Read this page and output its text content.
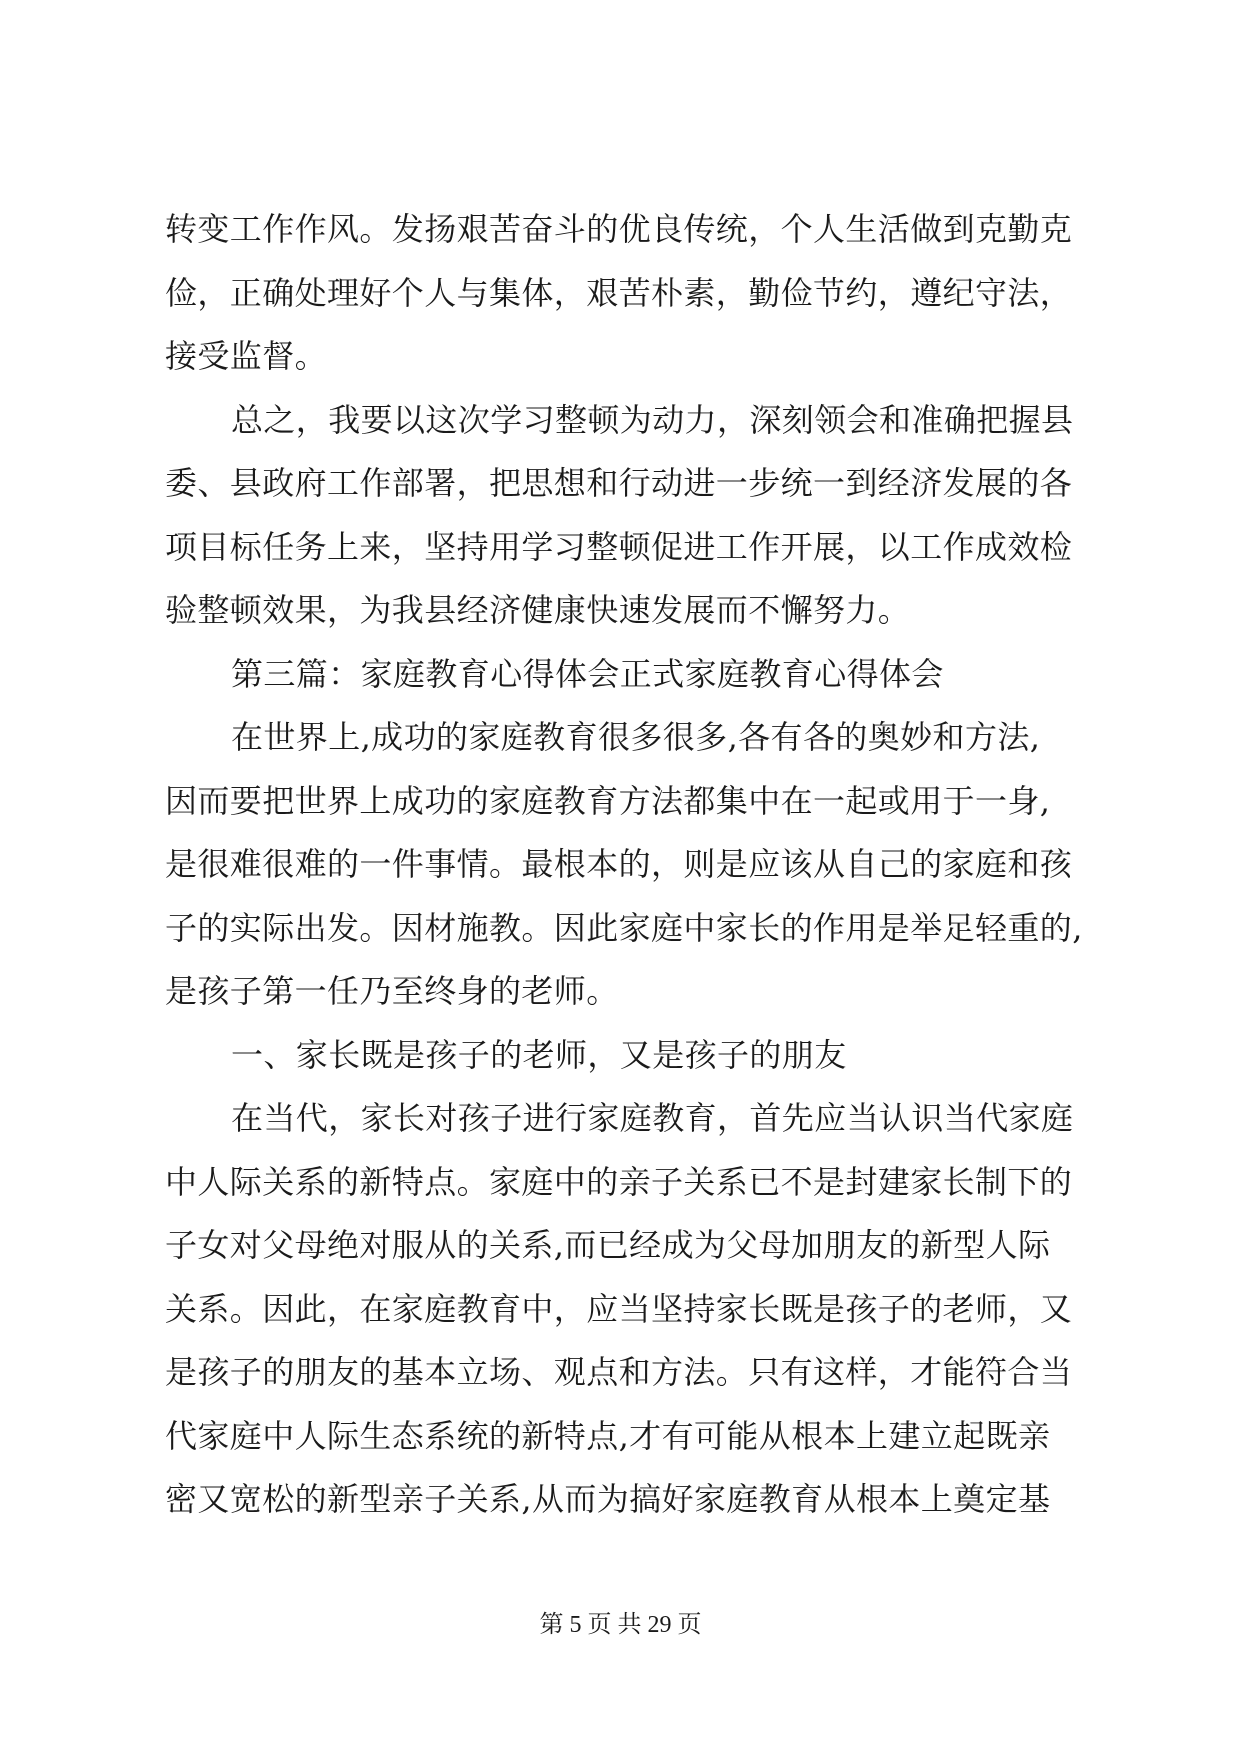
转变工作作风。发扬艰苦奋斗的优良传统，个人生活做到克勤克
俭，正确处理好个人与集体，艰苦朴素，勤俭节约，遵纪守法，
接受监督。
总之，我要以这次学习整顿为动力，深刻领会和准确把握县
委、县政府工作部署，把思想和行动进一步统一到经济发展的各
项目标任务上来，坚持用学习整顿促进工作开展，以工作成效检
验整顿效果，为我县经济健康快速发展而不懈努力。
第三篇：家庭教育心得体会正式家庭教育心得体会
在世界上,成功的家庭教育很多很多,各有各的奥妙和方法,
因而要把世界上成功的家庭教育方法都集中在一起或用于一身,
是很难很难的一件事情。最根本的，则是应该从自己的家庭和孩
子的实际出发。因材施教。因此家庭中家长的作用是举足轻重的,
是孩子第一任乃至终身的老师。
一、家长既是孩子的老师，又是孩子的朋友
在当代，家长对孩子进行家庭教育，首先应当认识当代家庭
中人际关系的新特点。家庭中的亲子关系已不是封建家长制下的
子女对父母绝对服从的关系,而已经成为父母加朋友的新型人际
关系。因此，在家庭教育中，应当坚持家长既是孩子的老师，又
是孩子的朋友的基本立场、观点和方法。只有这样，才能符合当
代家庭中人际生态系统的新特点,才有可能从根本上建立起既亲
密又宽松的新型亲子关系,从而为搞好家庭教育从根本上奠定基
第 5 页 共 29 页
